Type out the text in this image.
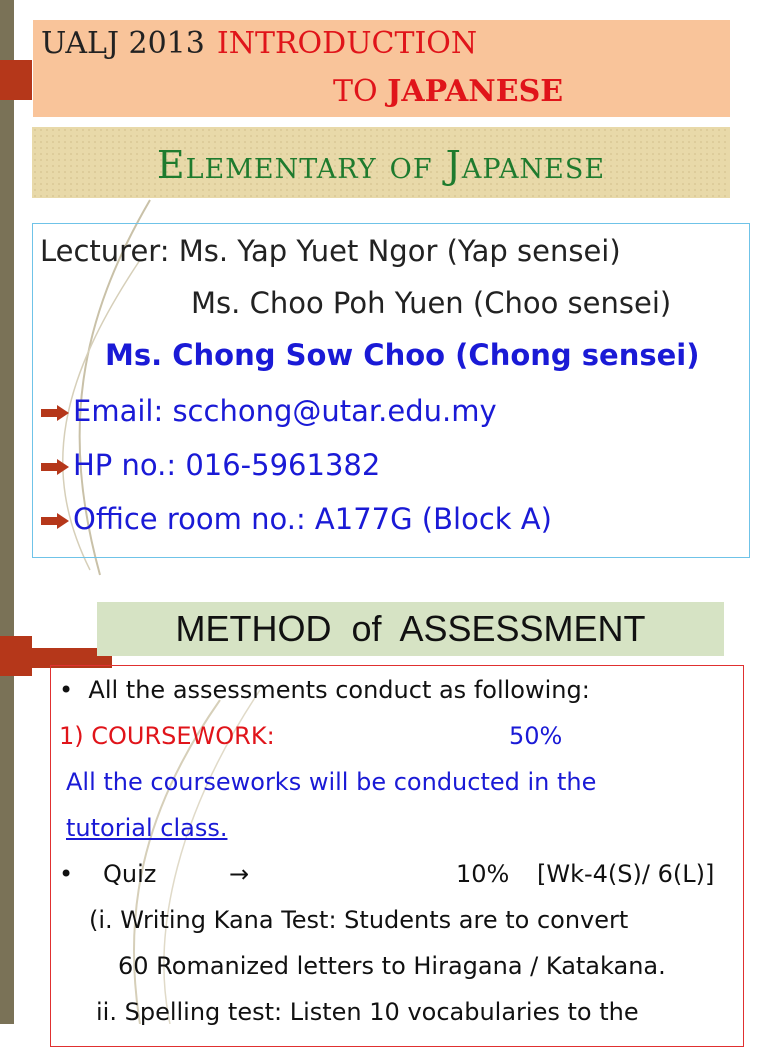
UALJ 2013 INTRODUCTION
TO JAPANESE
Elementary of Japanese
Lecturer: Ms. Yap Yuet Ngor (Yap sensei)
Ms. Choo Poh Yuen (Choo sensei)
Ms. Chong Sow Choo (Chong sensei)
Email: scchong@utar.edu.my
HP no.: 016-5961382
Office room no.: A177G (Block A)
METHOD  of  ASSESSMENT
• All the assessments conduct as following:
1) COURSEWORK:	50%
All the courseworks will be conducted in the
tutorial class.
• Quiz	→	10% [Wk-4(S)/ 6(L)]
(i. Writing Kana Test: Students are to convert
60 Romanized letters to Hiragana / Katakana.
ii. Spelling test: Listen 10 vocabularies to the
